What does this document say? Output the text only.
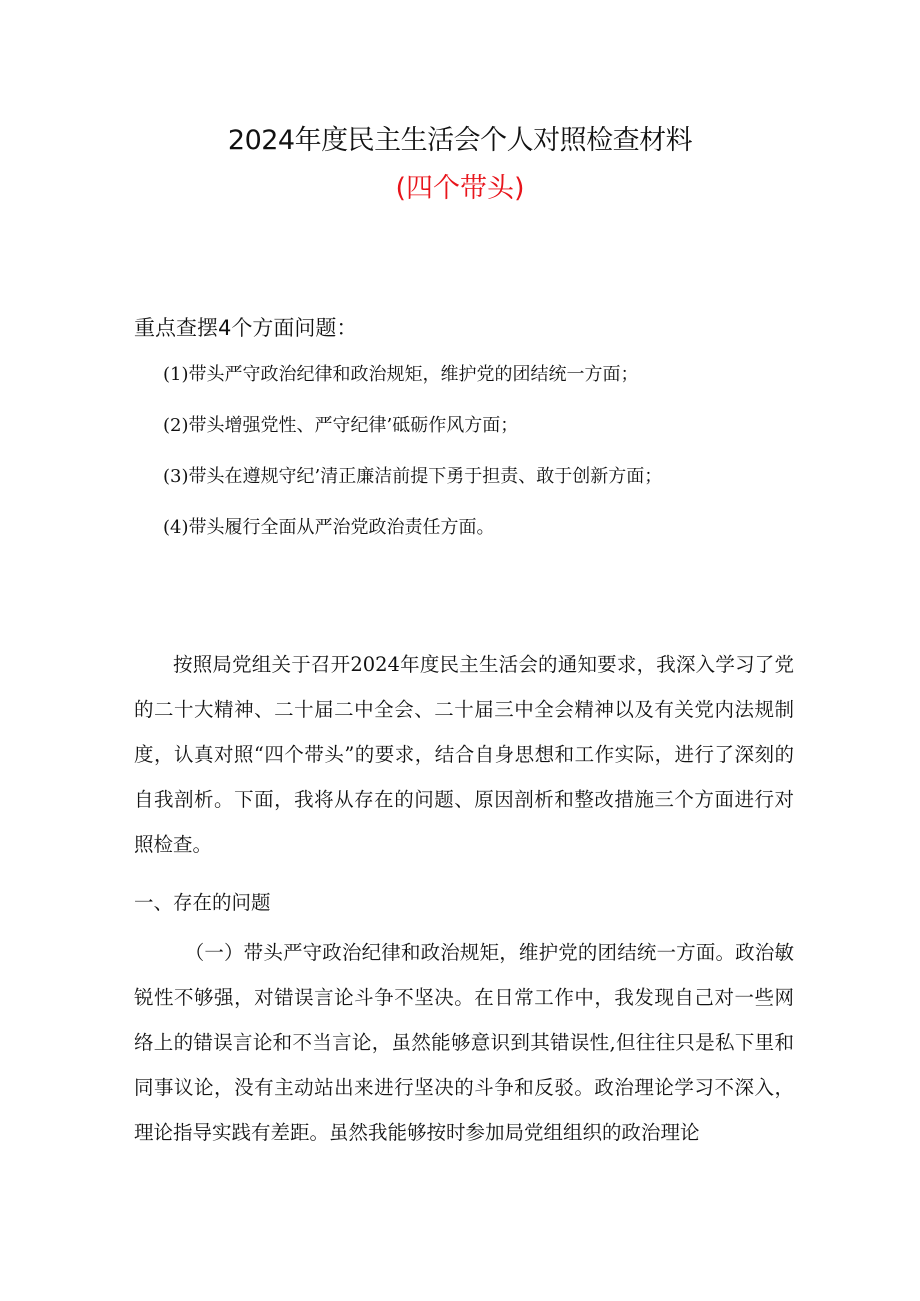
2024年度民主生活会个人对照检查材料
(四个带头)
重点查摆4个方面问题：
(1)带头严守政治纪律和政治规矩，维护党的团结统一方面；
(2)带头增强党性、严守纪律’砥砺作风方面；
(3)带头在遵规守纪’清正廉洁前提下勇于担责、敢于创新方面；
(4)带头履行全面从严治党政治责任方面。

按照局党组关于召开2024年度民主生活会的通知要求，我深入学习了党的二十大精神、二十届二中全会、二十届三中全会精神以及有关党内法规制度，认真对照“四个带头”的要求，结合自身思想和工作实际，进行了深刻的自我剖析。下面，我将从存在的问题、原因剖析和整改措施三个方面进行对照检查。

一、存在的问题

（一）带头严守政治纪律和政治规矩，维护党的团结统一方面。政治敏锐性不够强，对错误言论斗争不坚决。在日常工作中，我发现自己对一些网络上的错误言论和不当言论，虽然能够意识到其错误性,但往往只是私下里和同事议论，没有主动站出来进行坚决的斗争和反驳。政治理论学习不深入，理论指导实践有差距。虽然我能够按时参加局党组组织的政治理论
